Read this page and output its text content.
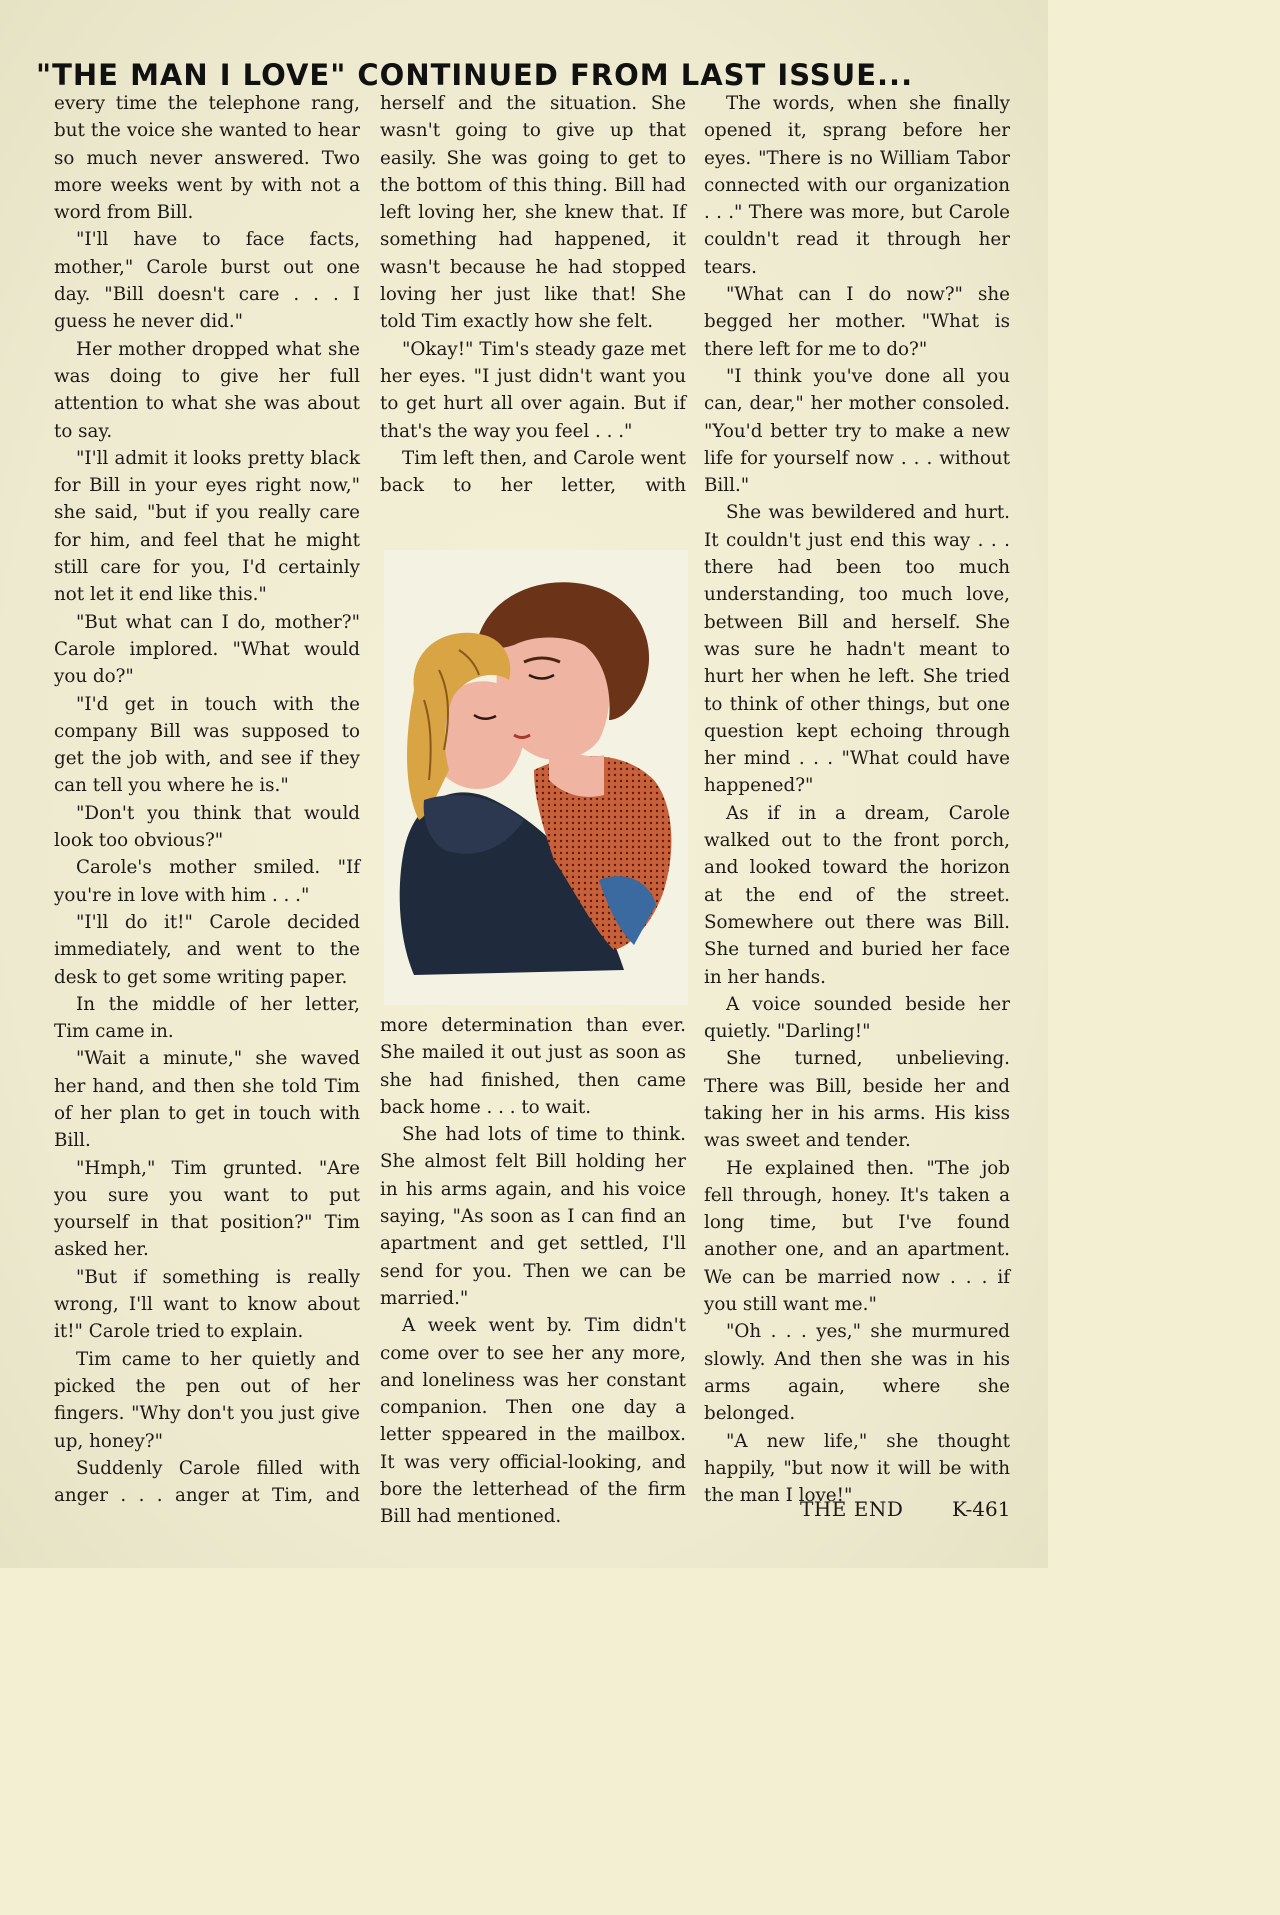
"THE MAN I LOVE" CONTINUED FROM LAST ISSUE...

every time the telephone rang, but the voice she wanted to hear so much never answered. Two more weeks went by with not a word from Bill.

"I'll have to face facts, mother," Carole burst out one day. "Bill doesn't care . . . I guess he never did."

Her mother dropped what she was doing to give her full attention to what she was about to say.

"I'll admit it looks pretty black for Bill in your eyes right now," she said, "but if you really care for him, and feel that he might still care for you, I'd certainly not let it end like this."

"But what can I do, mother?" Carole implored. "What would you do?"

"I'd get in touch with the company Bill was supposed to get the job with, and see if they can tell you where he is."

"Don't you think that would look too obvious?"

Carole's mother smiled. "If you're in love with him . . ."

"I'll do it!" Carole decided immediately, and went to the desk to get some writing paper.

In the middle of her letter, Tim came in.

"Wait a minute," she waved her hand, and then she told Tim of her plan to get in touch with Bill.

"Hmph," Tim grunted. "Are you sure you want to put yourself in that position?" Tim asked her.

"But if something is really wrong, I'll want to know about it!" Carole tried to explain.

Tim came to her quietly and picked the pen out of her fingers. "Why don't you just give up, honey?"

Suddenly Carole filled with anger . . . anger at Tim, and

herself and the situation. She wasn't going to give up that easily. She was going to get to the bottom of this thing. Bill had left loving her, she knew that. If something had happened, it wasn't because he had stopped loving her just like that! She told Tim exactly how she felt.

"Okay!" Tim's steady gaze met her eyes. "I just didn't want you to get hurt all over again. But if that's the way you feel . . ."

Tim left then, and Carole went back to her letter, with

more determination than ever. She mailed it out just as soon as she had finished, then came back home . . . to wait.

She had lots of time to think. She almost felt Bill holding her in his arms again, and his voice saying, "As soon as I can find an apartment and get settled, I'll send for you. Then we can be married."

A week went by. Tim didn't come over to see her any more, and loneliness was her constant companion. Then one day a letter sppeared in the mailbox. It was very official-looking, and bore the letterhead of the firm Bill had mentioned.

The words, when she finally opened it, sprang before her eyes. "There is no William Tabor connected with our organization . . ." There was more, but Carole couldn't read it through her tears.

"What can I do now?" she begged her mother. "What is there left for me to do?"

"I think you've done all you can, dear," her mother consoled. "You'd better try to make a new life for yourself now . . . without Bill."

She was bewildered and hurt. It couldn't just end this way . . . there had been too much understanding, too much love, between Bill and herself. She was sure he hadn't meant to hurt her when he left. She tried to think of other things, but one question kept echoing through her mind . . . "What could have happened?"

As if in a dream, Carole walked out to the front porch, and looked toward the horizon at the end of the street. Somewhere out there was Bill. She turned and buried her face in her hands.

A voice sounded beside her quietly. "Darling!"

She turned, unbelieving. There was Bill, beside her and taking her in his arms. His kiss was sweet and tender.

He explained then. "The job fell through, honey. It's taken a long time, but I've found another one, and an apartment. We can be married now . . . if you still want me."

"Oh . . . yes," she murmured slowly. And then she was in his arms again, where she belonged.

"A new life," she thought happily, "but now it will be with the man I love!"

THE END K-461
